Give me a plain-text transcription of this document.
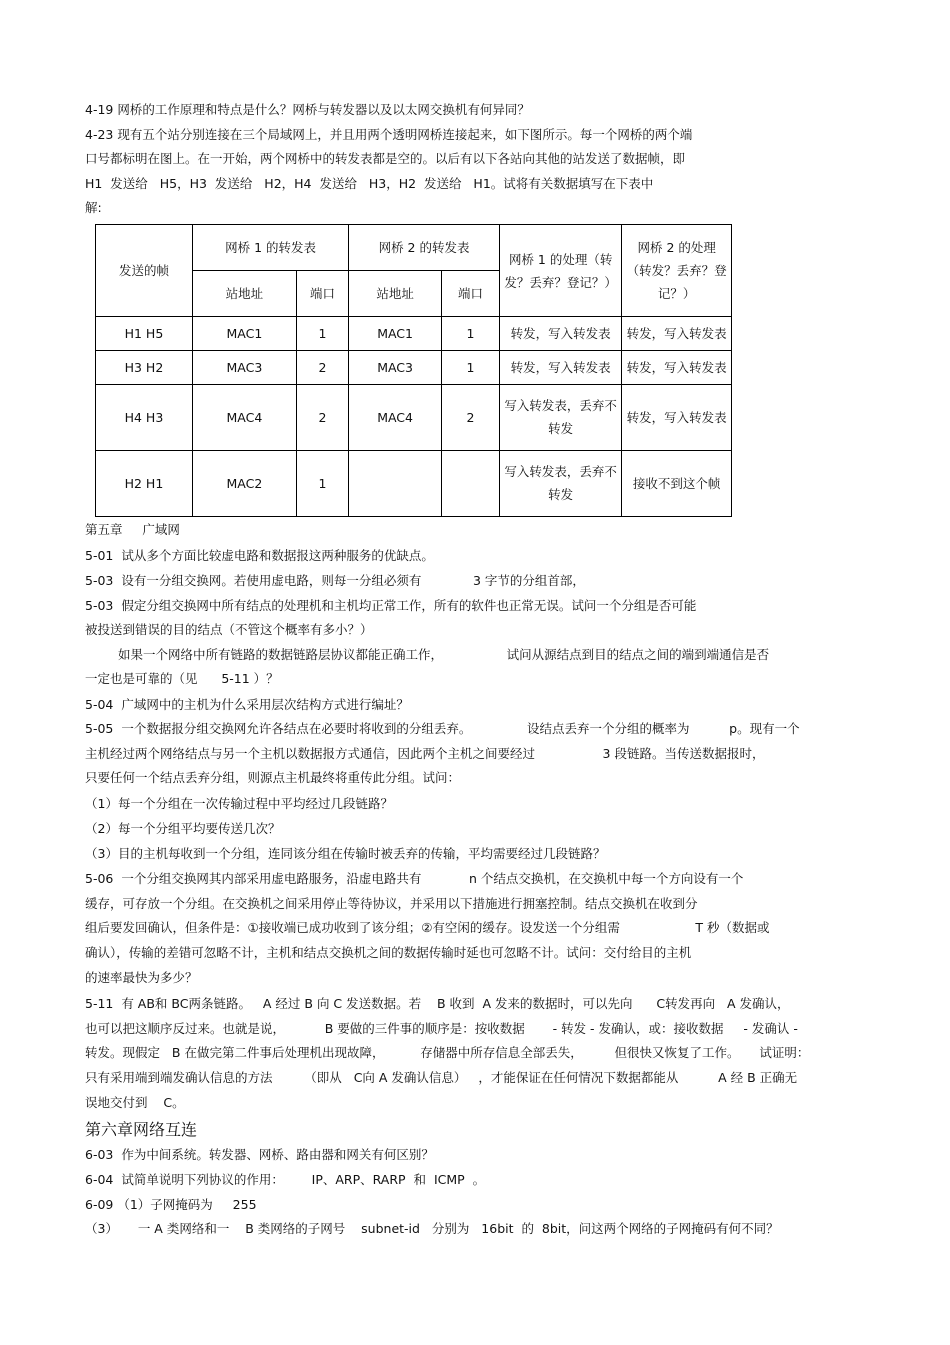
4-19 网桥的工作原理和特点是什么？网桥与转发器以及以太网交换机有何异同？
4-23 现有五个站分别连接在三个局域网上，并且用两个透明网桥连接起来，如下图所示。每一个网桥的两个端
口号都标明在图上。在一开始，两个网桥中的转发表都是空的。以后有以下各站向其他的站发送了数据帧，即
H1  发送给   H5，H3  发送给   H2，H4  发送给   H3，H2  发送给   H1。试将有关数据填写在下表中
解:
发送的帧	网桥 1 的转发表		网桥 2 的转发表		网桥 1 的处理（转发？丢弃？登记？）	网桥 2 的处理（转发？丢弃？登记？）
	站地址	端口	站地址	端口		
H1 H5	MAC1	1	MAC1	1	转发，写入转发表	转发，写入转发表
H3 H2	MAC3	2	MAC3	1	转发，写入转发表	转发，写入转发表
H4 H3	MAC4	2	MAC4	2	写入转发表，丢弃不转发	转发，写入转发表
H2 H1	MAC2	1			写入转发表，丢弃不转发	接收不到这个帧
第五章     广域网
5-01  试从多个方面比较虚电路和数据报这两种服务的优缺点。
5-03  设有一分组交换网。若使用虚电路，则每一分组必须有             3 字节的分组首部，
5-03  假定分组交换网中所有结点的处理机和主机均正常工作，所有的软件也正常无误。试问一个分组是否可能
被投送到错误的目的结点（不管这个概率有多小？）
如果一个网络中所有链路的数据链路层协议都能正确工作，                试问从源结点到目的结点之间的端到端通信是否
一定也是可靠的（见      5-11 ）？
5-04  广域网中的主机为什么采用层次结构方式进行编址？
5-05  一个数据报分组交换网允许各结点在必要时将收到的分组丢弃。              设结点丢弃一个分组的概率为          p。现有一个
主机经过两个网络结点与另一个主机以数据报方式通信，因此两个主机之间要经过                 3 段链路。当传送数据报时，
只要任何一个结点丢弃分组，则源点主机最终将重传此分组。试问：
（1）每一个分组在一次传输过程中平均经过几段链路？
（2）每一个分组平均要传送几次？
（3）目的主机每收到一个分组，连同该分组在传输时被丢弃的传输，平均需要经过几段链路？
5-06  一个分组交换网其内部采用虚电路服务，沿虚电路共有            n 个结点交换机，在交换机中每一个方向设有一个
缓存，可存放一个分组。在交换机之间采用停止等待协议，并采用以下措施进行拥塞控制。结点交换机在收到分
组后要发回确认，但条件是：①接收端已成功收到了该分组；②有空闲的缓存。设发送一个分组需                   T 秒（数据或
确认），传输的差错可忽略不计，主机和结点交换机之间的数据传输时延也可忽略不计。试问：交付给目的主机
的速率最快为多少？
5-11  有 AB和 BC两条链路。   A 经过 B 向 C 发送数据。若    B 收到  A 发来的数据时，可以先向      C转发再向   A 发确认，
也可以把这顺序反过来。也就是说，          B 要做的三件事的顺序是：按收数据       - 转发 - 发确认，或：接收数据     - 发确认 -
转发。现假定   B 在做完第二件事后处理机出现故障，         存储器中所存信息全部丢失，        但很快又恢复了工作。     试证明：
只有采用端到端发确认信息的方法        （即从   C向 A 发确认信息）   ，才能保证在任何情况下数据都能从          A 经 B 正确无
误地交付到    C。
第六章网络互连
6-03  作为中间系统。转发器、网桥、路由器和网关有何区别？
6-04  试简单说明下列协议的作用：       IP、ARP、RARP  和  ICMP  。
6-09 （1）子网掩码为     255
（3）     一 A 类网络和一    B 类网络的子网号    subnet-id   分别为   16bit  的  8bit，问这两个网络的子网掩码有何不同？
